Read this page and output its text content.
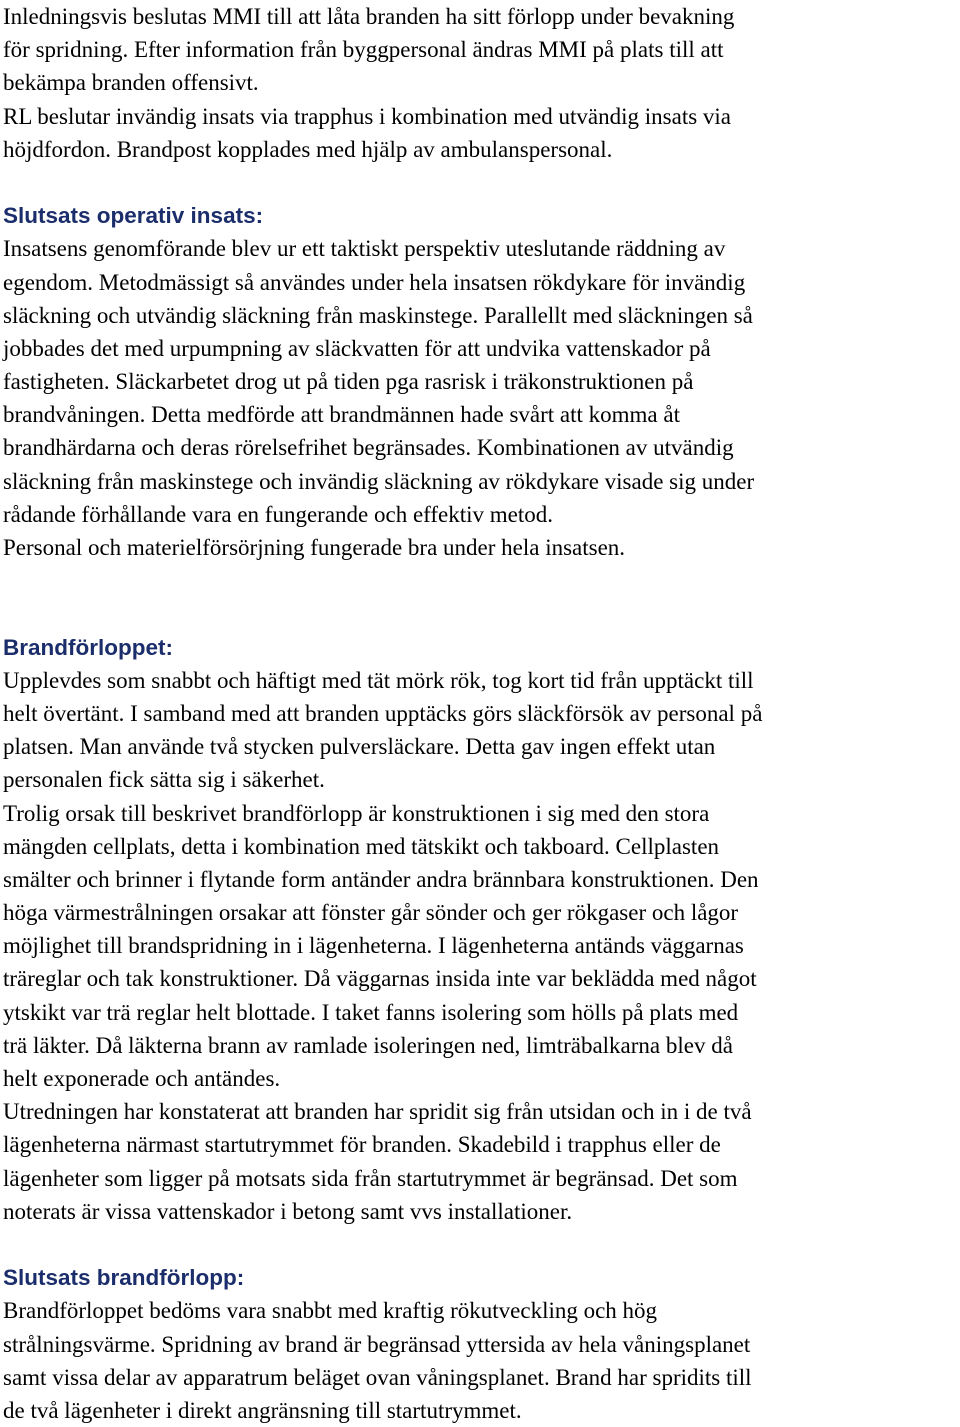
Inledningsvis beslutas MMI till att låta branden ha sitt förlopp under bevakning
för spridning. Efter information från byggpersonal ändras MMI på plats till att
bekämpa branden offensivt.
RL beslutar invändig insats via trapphus i kombination med utvändig insats via
höjdfordon. Brandpost kopplades med hjälp av ambulanspersonal.
Slutsats operativ insats:
Insatsens genomförande blev ur ett taktiskt perspektiv uteslutande räddning av
egendom. Metodmässigt så användes under hela insatsen rökdykare för invändig
släckning och utvändig släckning från maskinstege. Parallellt med släckningen så
jobbades det med urpumpning av släckvatten för att undvika vattenskador på
fastigheten. Släckarbetet drog ut på tiden pga rasrisk i träkonstruktionen på
brandvåningen. Detta medförde att brandmännen hade svårt att komma åt
brandhärdarna och deras rörelsefrihet begränsades. Kombinationen av utvändig
släckning från maskinstege och invändig släckning av rökdykare visade sig under
rådande förhållande vara en fungerande och effektiv metod.
Personal och materielförsörjning fungerade bra under hela insatsen.
Brandförloppet:
Upplevdes som snabbt och häftigt med tät mörk rök, tog kort tid från upptäckt till
helt övertänt. I samband med att branden upptäcks görs släckförsök av personal på
platsen. Man använde två stycken pulversläckare. Detta gav ingen effekt utan
personalen fick sätta sig i säkerhet.
Trolig orsak till beskrivet brandförlopp är konstruktionen i sig med den stora
mängden cellplats, detta i kombination med tätskikt och takboard. Cellplasten
smälter och brinner i flytande form antänder andra brännbara konstruktionen. Den
höga värmestrålningen orsakar att fönster går sönder och ger rökgaser och lågor
möjlighet till brandspridning in i lägenheterna. I lägenheterna antänds väggarnas
träreglar och tak konstruktioner. Då väggarnas insida inte var beklädda med något
ytskikt var trä reglar helt blottade. I taket fanns isolering som hölls på plats med
trä läkter. Då läkterna brann av ramlade isoleringen ned, limträbalkarna blev då
helt exponerade och antändes.
Utredningen har konstaterat att branden har spridit sig från utsidan och in i de två
lägenheterna närmast startutrymmet för branden. Skadebild i trapphus eller de
lägenheter som ligger på motsats sida från startutrymmet är begränsad. Det som
noterats är vissa vattenskador i betong samt vvs installationer.
Slutsats brandförlopp:
Brandförloppet bedöms vara snabbt med kraftig rökutveckling och hög
strålningsvärme. Spridning av brand är begränsad yttersida av hela våningsplanet
samt vissa delar av apparatrum beläget ovan våningsplanet. Brand har spridits till
de två lägenheter i direkt angränsning till startutrymmet.
